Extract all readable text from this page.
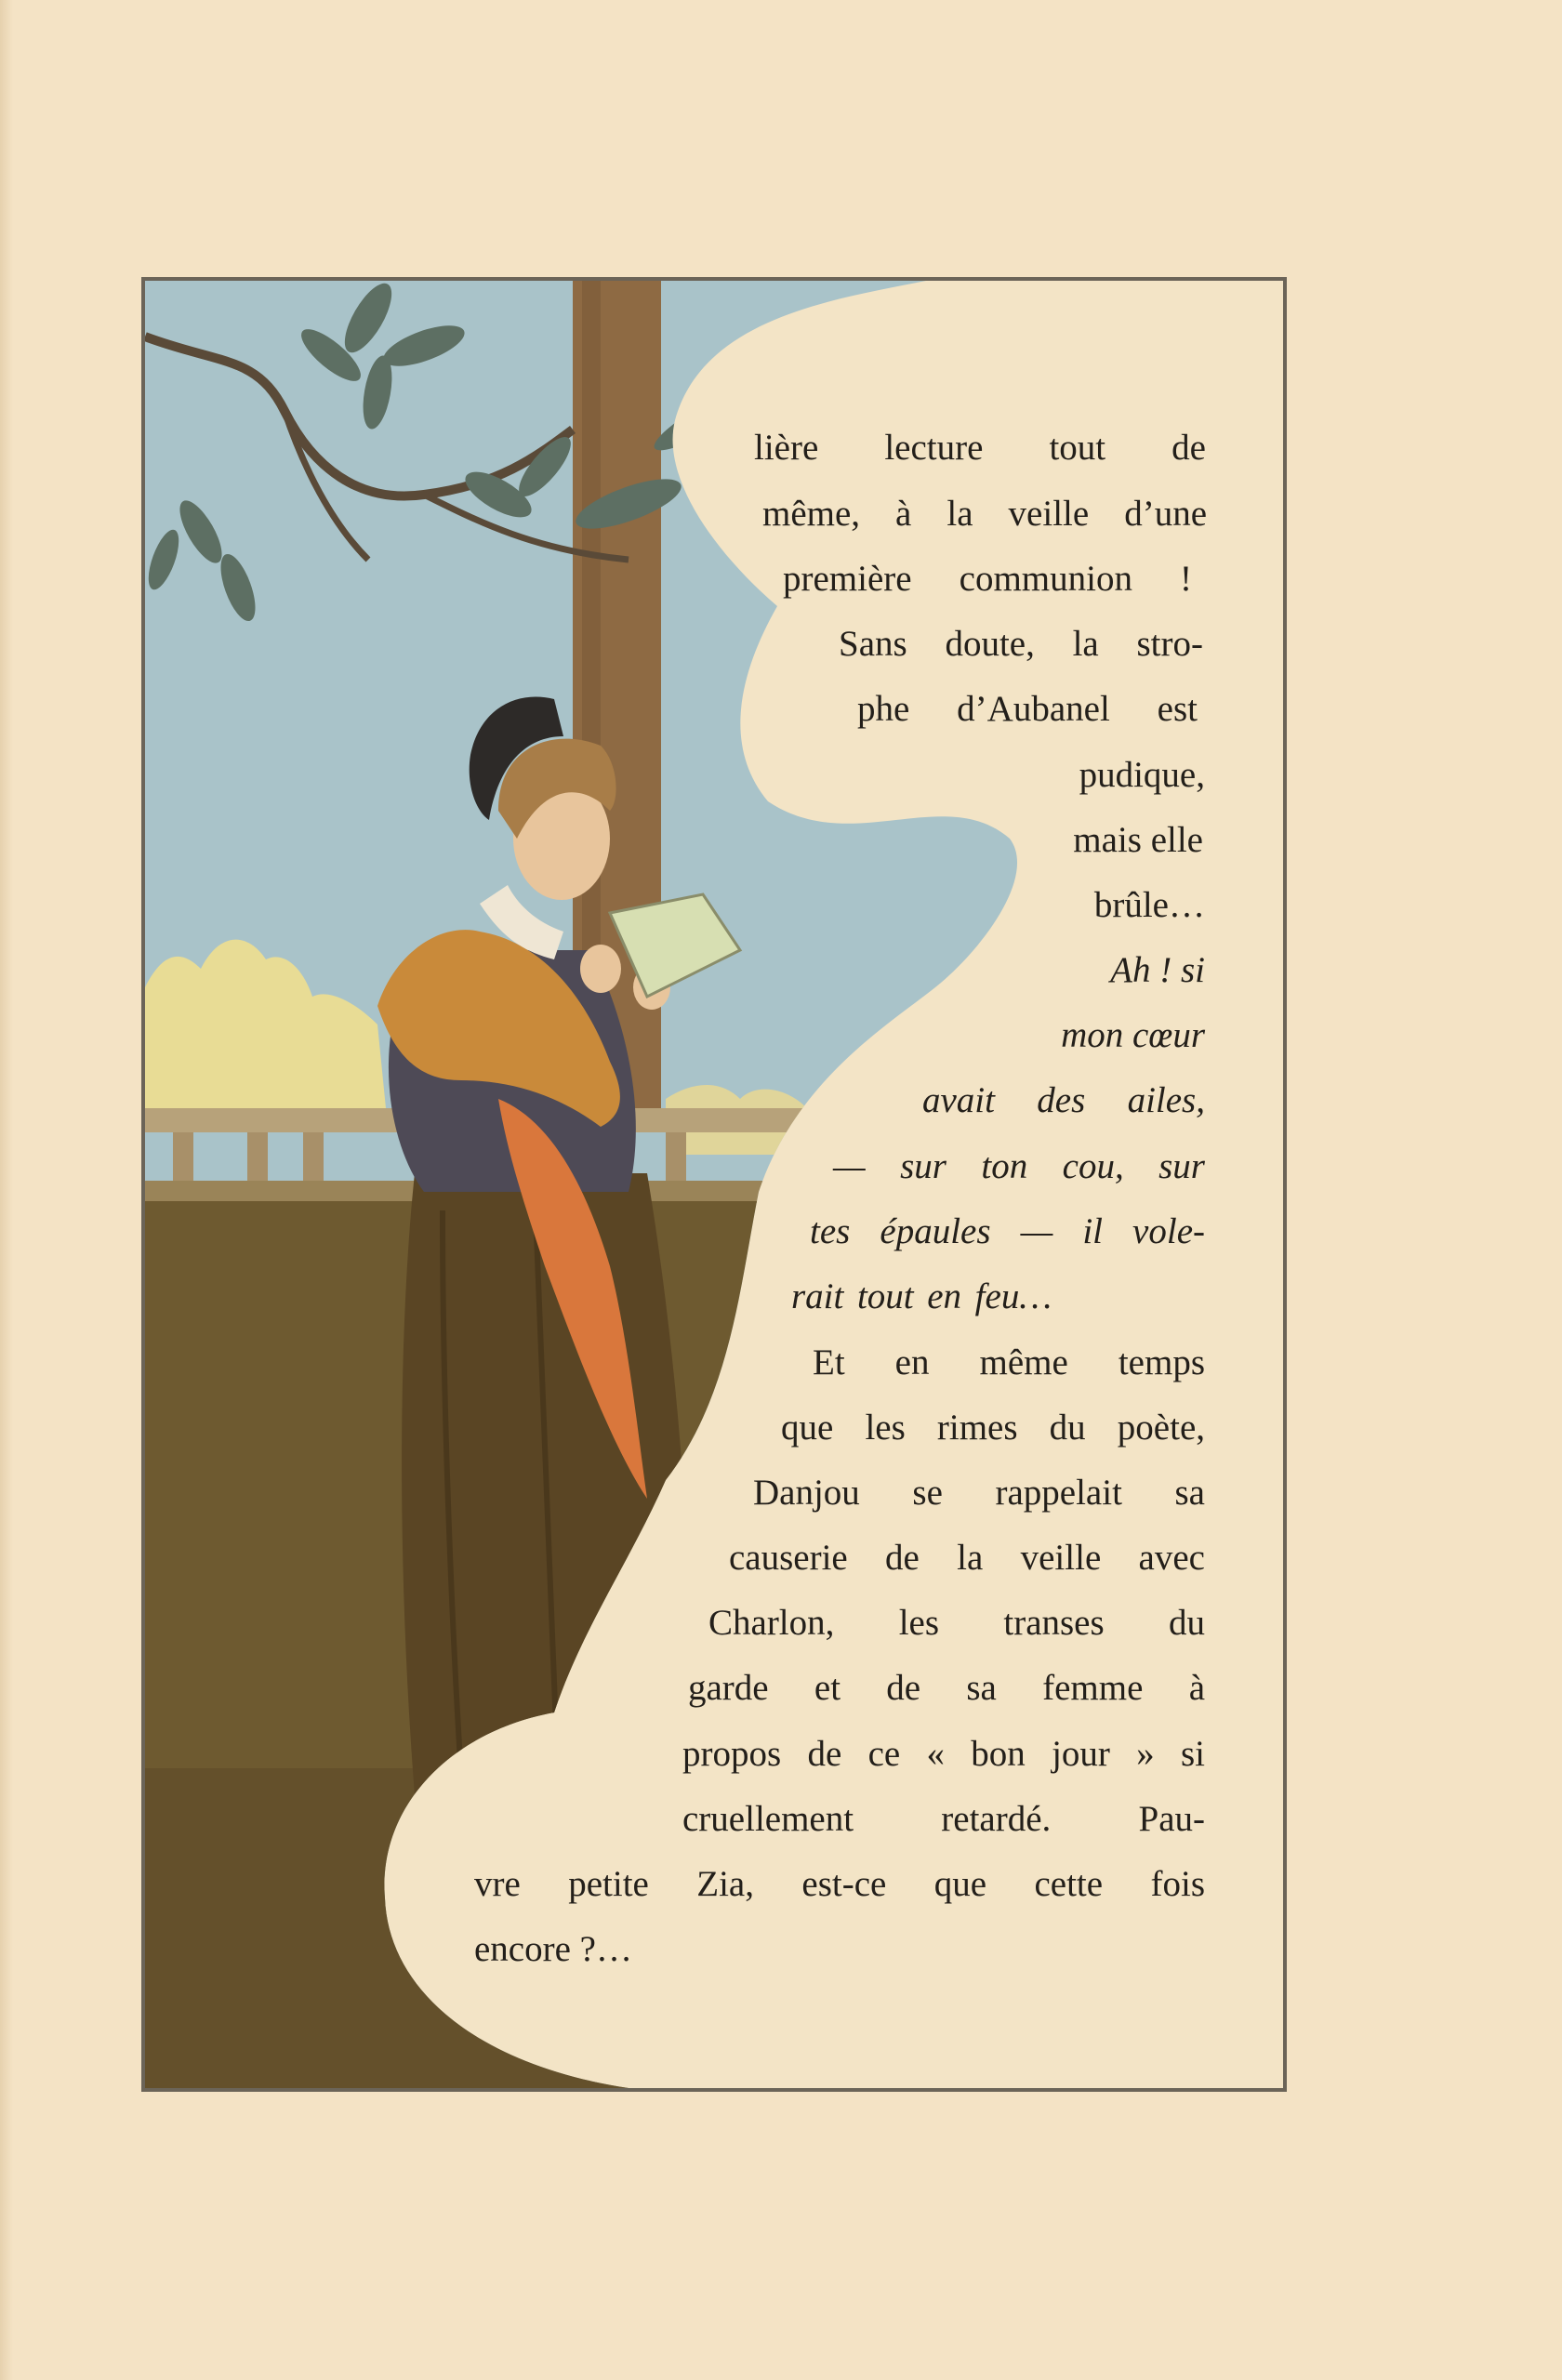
lière lecture tout de
même, à la veille d’une
première communion !
Sans doute, la stro-
phe d’Aubanel est
pudique,
mais elle
brûle…
Ah ! si
mon cœur
avait des ailes,
— sur ton cou, sur
tes épaules — il vole-
rait tout en feu…
Et en même temps
que les rimes du poète,
Danjou se rappelait sa
causerie de la veille avec
Charlon, les transes du
garde et de sa femme à
propos de ce « bon jour » si
cruellement retardé. Pau-
vre petite Zia, est-ce que cette fois
encore ?…
